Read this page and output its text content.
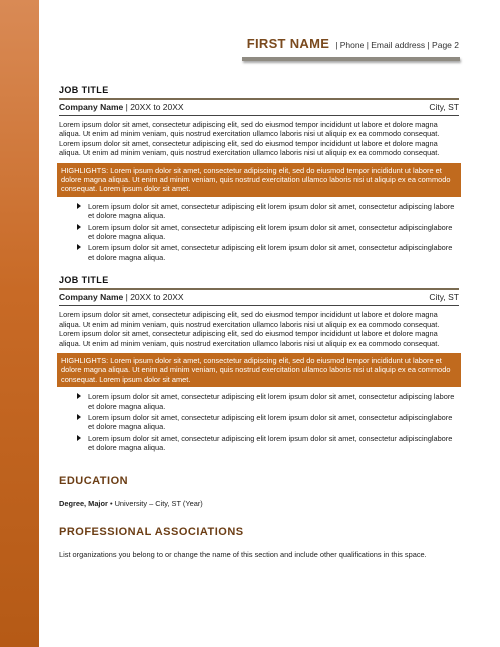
FIRST NAME | Phone | Email address | Page 2
JOB TITLE
Company Name | 20XX to 20XX	City, ST
Lorem ipsum dolor sit amet, consectetur adipiscing elit, sed do eiusmod tempor incididunt ut labore et dolore magna aliqua. Ut enim ad minim veniam, quis nostrud exercitation ullamco laboris nisi ut aliquip ex ea commodo consequat. Lorem ipsum dolor sit amet, consectetur adipiscing elit, sed do eiusmod tempor incididunt ut labore et dolore magna aliqua. Ut enim ad minim veniam, quis nostrud exercitation ullamco laboris nisi ut aliquip ex ea commodo consequat.
HIGHLIGHTS: Lorem ipsum dolor sit amet, consectetur adipiscing elit, sed do eiusmod tempor incididunt ut labore et dolore magna aliqua. Ut enim ad minim veniam, quis nostrud exercitation ullamco laboris nisi ut aliquip ex ea commodo consequat. Lorem ipsum dolor sit amet.
Lorem ipsum dolor sit amet, consectetur adipiscing elit lorem ipsum dolor sit amet, consectetur adipiscing labore et dolore magna aliqua.
Lorem ipsum dolor sit amet, consectetur adipiscing elit lorem ipsum dolor sit amet, consectetur adipiscinglabore et dolore magna aliqua.
Lorem ipsum dolor sit amet, consectetur adipiscing elit lorem ipsum dolor sit amet, consectetur adipiscinglabore et dolore magna aliqua.
JOB TITLE
Company Name | 20XX to 20XX	City, ST
Lorem ipsum dolor sit amet, consectetur adipiscing elit, sed do eiusmod tempor incididunt ut labore et dolore magna aliqua. Ut enim ad minim veniam, quis nostrud exercitation ullamco laboris nisi ut aliquip ex ea commodo consequat. Lorem ipsum dolor sit amet, consectetur adipiscing elit, sed do eiusmod tempor incididunt ut labore et dolore magna aliqua. Ut enim ad minim veniam, quis nostrud exercitation ullamco laboris nisi ut aliquip ex ea commodo consequat.
HIGHLIGHTS: Lorem ipsum dolor sit amet, consectetur adipiscing elit, sed do eiusmod tempor incididunt ut labore et dolore magna aliqua. Ut enim ad minim veniam, quis nostrud exercitation ullamco laboris nisi ut aliquip ex ea commodo consequat. Lorem ipsum dolor sit amet.
Lorem ipsum dolor sit amet, consectetur adipiscing elit lorem ipsum dolor sit amet, consectetur adipiscing labore et dolore magna aliqua.
Lorem ipsum dolor sit amet, consectetur adipiscing elit lorem ipsum dolor sit amet, consectetur adipiscinglabore et dolore magna aliqua.
Lorem ipsum dolor sit amet, consectetur adipiscing elit lorem ipsum dolor sit amet, consectetur adipiscinglabore et dolore magna aliqua.
EDUCATION
Degree, Major • University – City, ST (Year)
PROFESSIONAL ASSOCIATIONS
List organizations you belong to or change the name of this section and include other qualifications in this space.
